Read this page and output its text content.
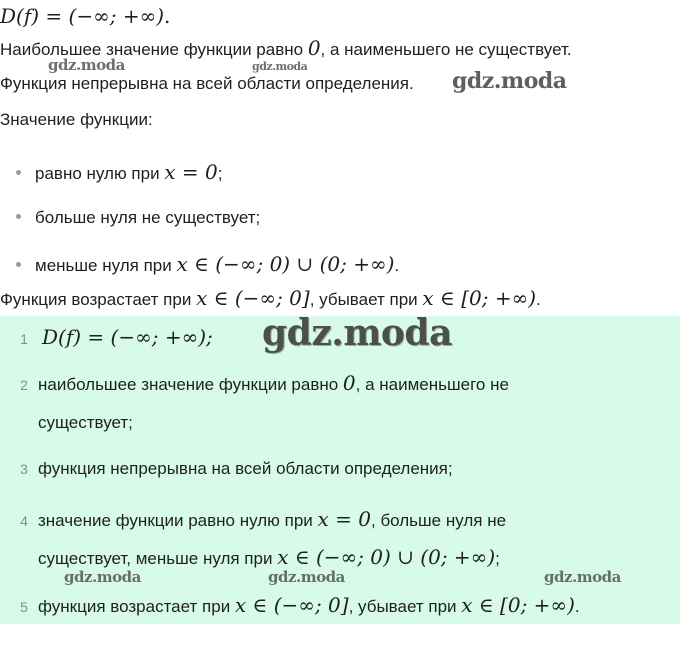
D(f) = (−∞; +∞).
Наибольшее значение функции равно 0, а наименьшего не существует.
gdz.moda	gdz.moda
Функция непрерывна на всей области определения. gdz.moda
Значение функции:
равно нулю при x = 0;
больше нуля не существует;
меньше нуля при x ∈ (−∞; 0) ∪ (0; +∞).
Функция возрастает при x ∈ (−∞; 0], убывает при x ∈ [0; +∞).
1 D(f) = (−∞; +∞); gdz.moda
2 наибольшее значение функции равно 0, а наименьшего не
существует;
3 функция непрерывна на всей области определения;
4 значение функции равно нулю при x = 0, больше нуля не
существует, меньше нуля при x ∈ (−∞; 0) ∪ (0; +∞);
gdz.moda	gdz.moda	gdz.moda
5 функция возрастает при x ∈ (−∞; 0], убывает при x ∈ [0; +∞).
